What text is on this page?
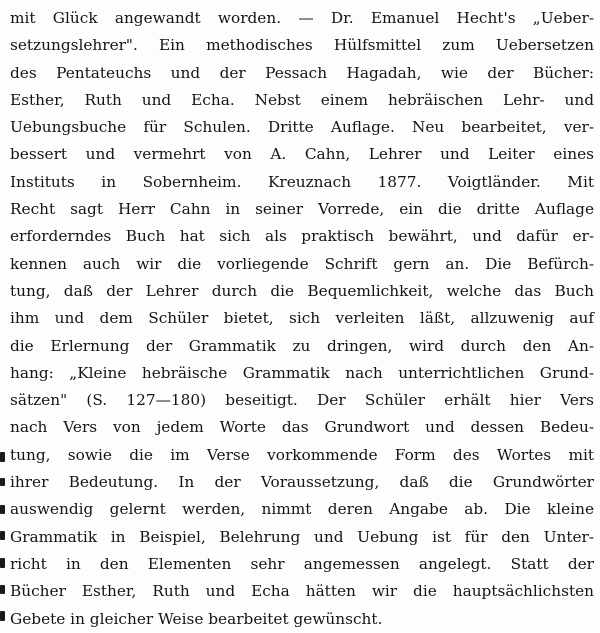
mit Glück angewandt worden. — Dr. Emanuel Hecht's „Ueber-
setzungslehrer". Ein methodisches Hülfsmittel zum Uebersetzen
des Pentateuchs und der Pessach Hagadah, wie der Bücher:
Esther, Ruth und Echa. Nebst einem hebräischen Lehr- und
Uebungsbuche für Schulen. Dritte Auflage. Neu bearbeitet, ver-
bessert und vermehrt von A. Cahn, Lehrer und Leiter eines
Instituts in Sobernheim. Kreuznach 1877. Voigtländer. Mit
Recht sagt Herr Cahn in seiner Vorrede, ein die dritte Auflage
erforderndes Buch hat sich als praktisch bewährt, und dafür er-
kennen auch wir die vorliegende Schrift gern an. Die Befürch-
tung, daß der Lehrer durch die Bequemlichkeit, welche das Buch
ihm und dem Schüler bietet, sich verleiten läßt, allzuwenig auf
die Erlernung der Grammatik zu dringen, wird durch den An-
hang: „Kleine hebräische Grammatik nach unterrichtlichen Grund-
sätzen" (S. 127—180) beseitigt. Der Schüler erhält hier Vers
nach Vers von jedem Worte das Grundwort und dessen Bedeu-
tung, sowie die im Verse vorkommende Form des Wortes mit
ihrer Bedeutung. In der Voraussetzung, daß die Grundwörter
auswendig gelernt werden, nimmt deren Angabe ab. Die kleine
Grammatik in Beispiel, Belehrung und Uebung ist für den Unter-
richt in den Elementen sehr angemessen angelegt. Statt der
Bücher Esther, Ruth und Echa hätten wir die hauptsächlichsten
Gebete in gleicher Weise bearbeitet gewünscht.
